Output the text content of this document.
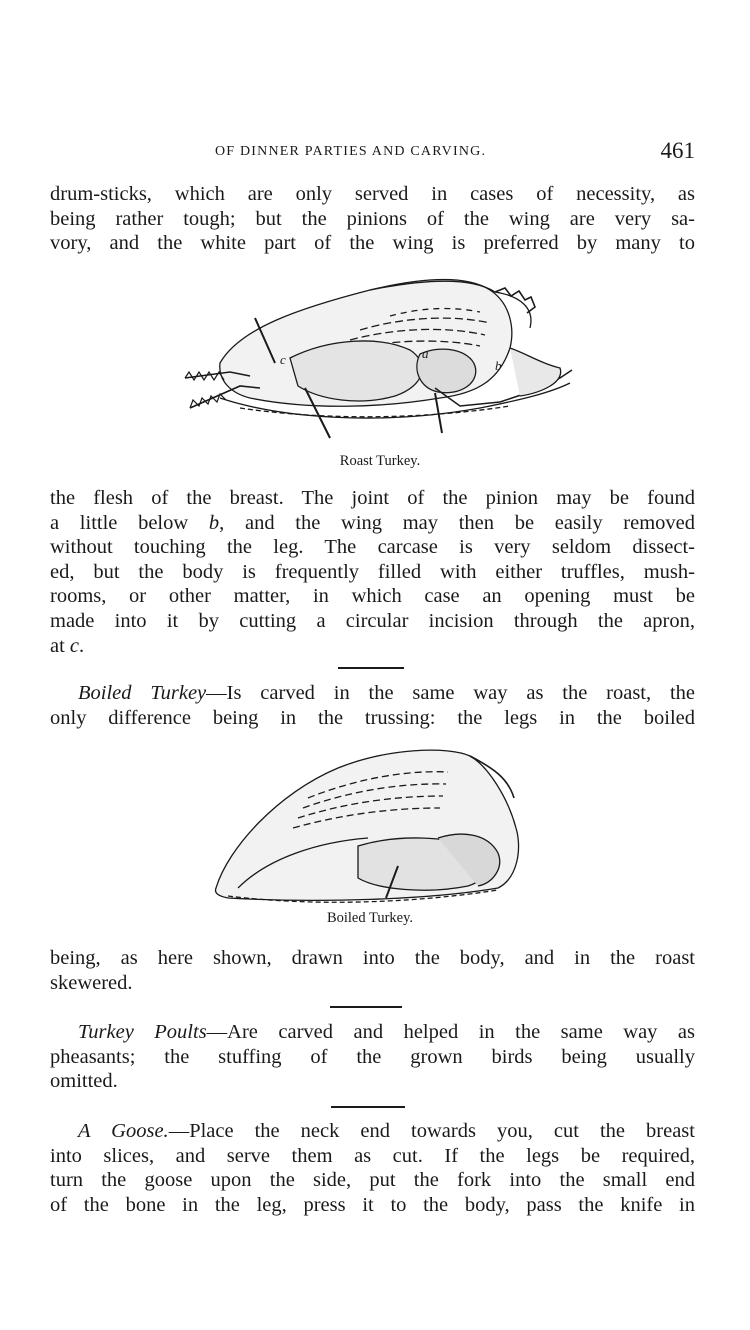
OF DINNER PARTIES AND CARVING.	461

drum-sticks, which are only served in cases of necessity, as
being rather tough; but the pinions of the wing are very sa-
vory, and the white part of the wing is preferred by many to

c	a
b
Roast Turkey.

the flesh of the breast. The joint of the pinion may be found
a little below b, and the wing may then be easily removed
without touching the leg. The carcase is very seldom dissect-
ed, but the body is frequently filled with either truffles, mush-
rooms, or other matter, in which case an opening must be
made into it by cutting a circular incision through the apron,
at c.

Boiled Turkey—Is carved in the same way as the roast, the
only difference being in the trussing: the legs in the boiled

Boiled Turkey.

being, as here shown, drawn into the body, and in the roast
skewered.

Turkey Poults—Are carved and helped in the same way as
pheasants; the stuffing of the grown birds being usually
omitted.

A Goose.—Place the neck end towards you, cut the breast
into slices, and serve them as cut. If the legs be required,
turn the goose upon the side, put the fork into the small end
of the bone in the leg, press it to the body, pass the knife in
